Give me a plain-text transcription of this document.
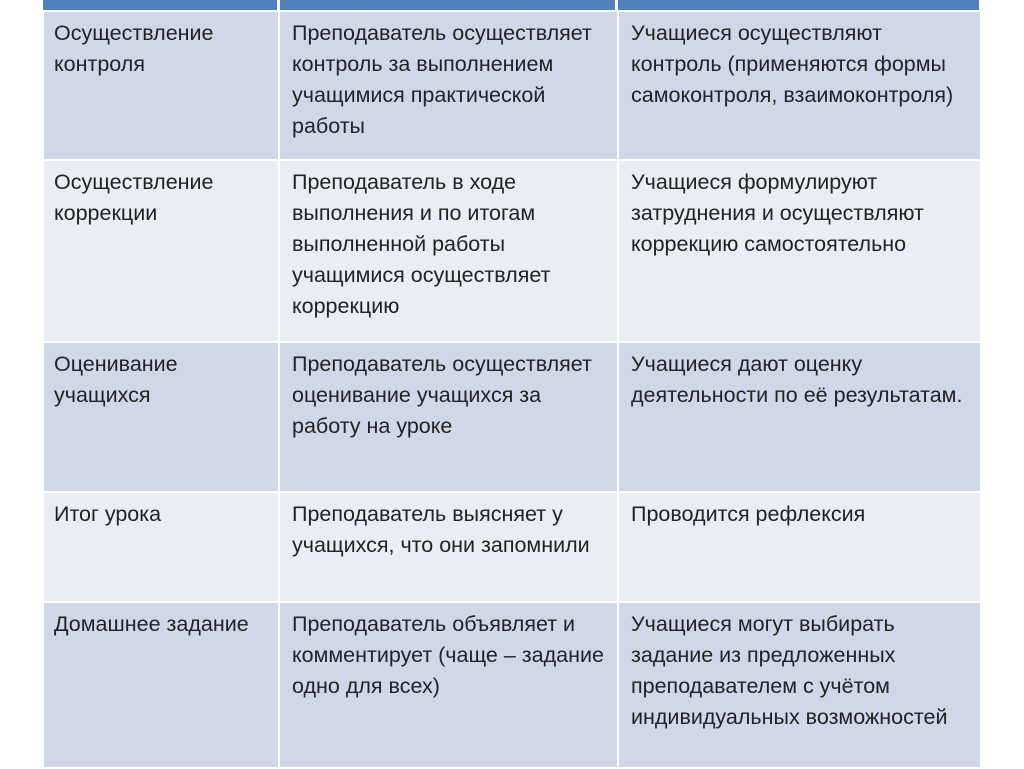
Осуществление контроля	Преподаватель осуществляет контроль за выполнением учащимися практической работы	Учащиеся осуществляют контроль (применяются формы самоконтроля, взаимоконтроля)
Осуществление коррекции	Преподаватель в ходе выполнения и по итогам выполненной работы учащимися осуществляет коррекцию	Учащиеся формулируют затруднения и осуществляют коррекцию самостоятельно
Оценивание учащихся	Преподаватель осуществляет оценивание учащихся за работу на уроке	Учащиеся дают оценку деятельности по её результатам.
Итог урока	Преподаватель выясняет у учащихся, что они запомнили	Проводится рефлексия
Домашнее задание	Преподаватель объявляет и комментирует (чаще – задание одно для всех)	Учащиеся могут выбирать задание из предложенных преподавателем с учётом индивидуальных возможностей
